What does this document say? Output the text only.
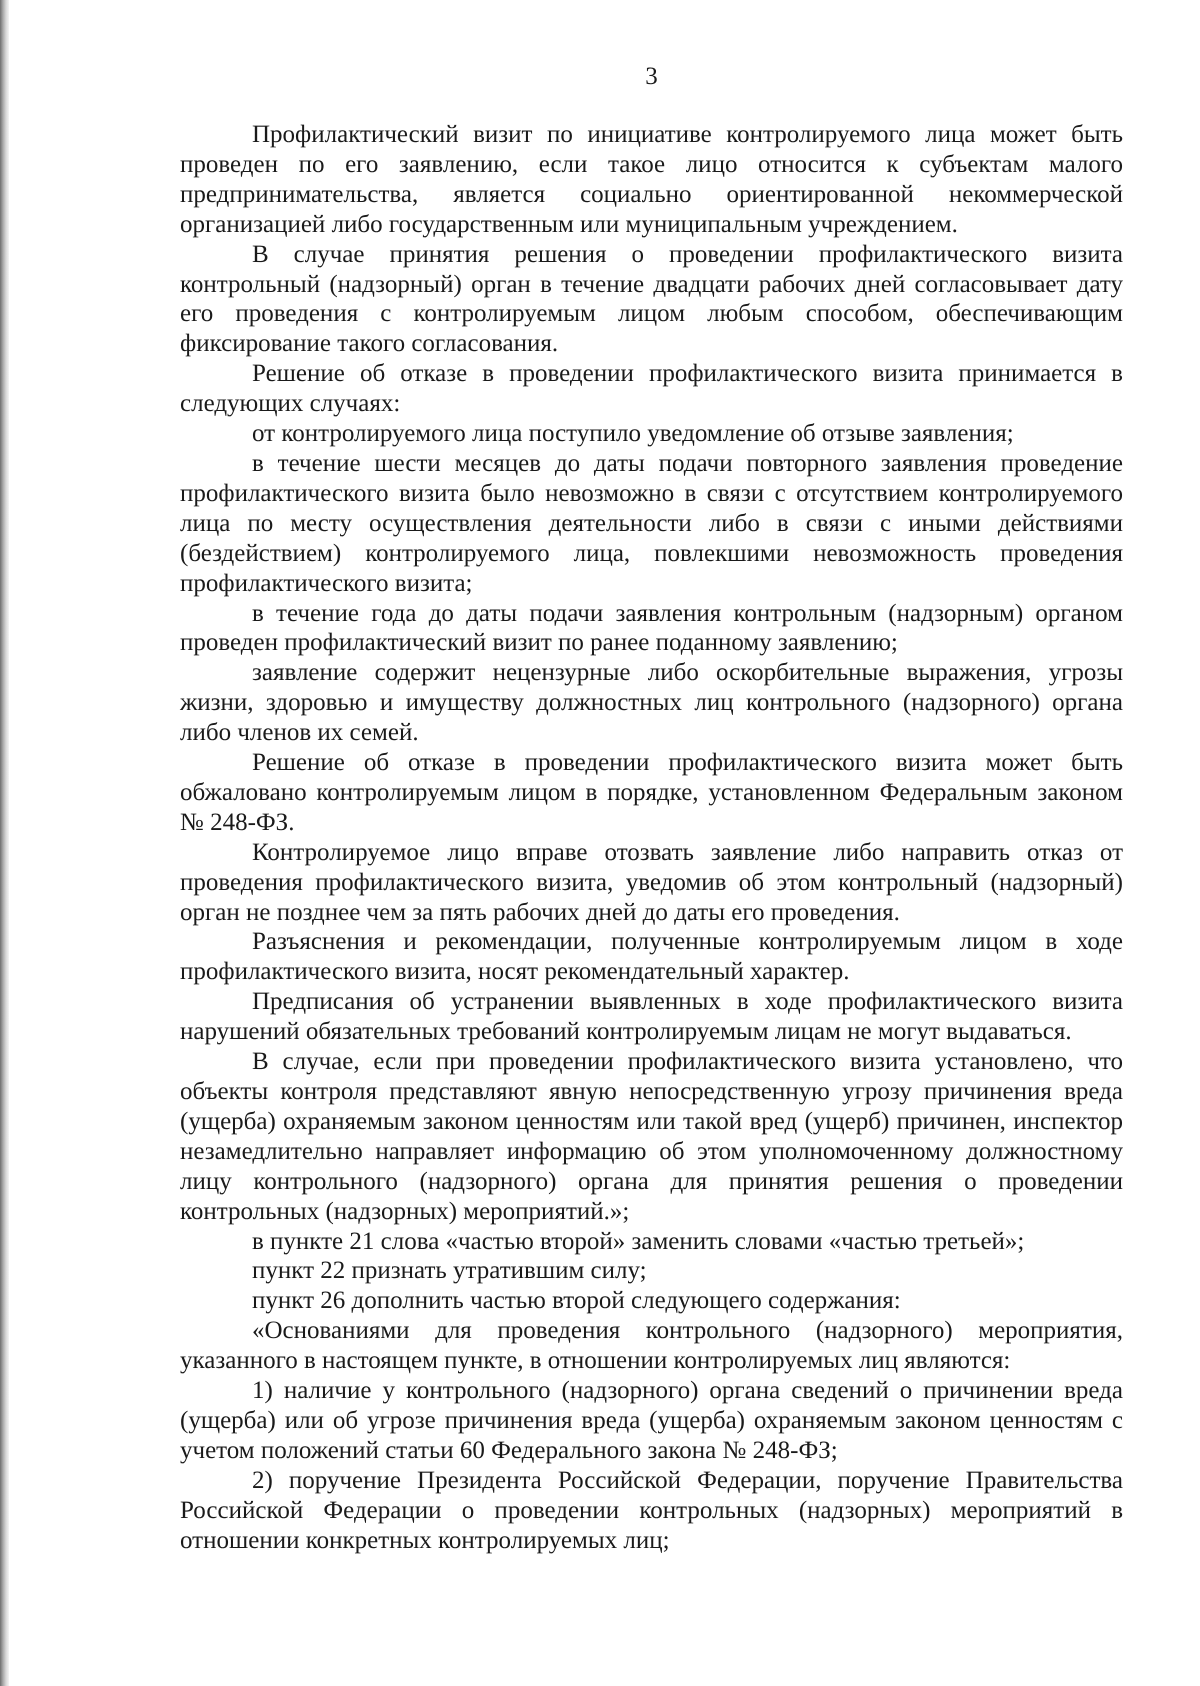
3

Профилактический визит по инициативе контролируемого лица может быть проведен по его заявлению, если такое лицо относится к субъектам малого предпринимательства, является социально ориентированной некоммерческой организацией либо государственным или муниципальным учреждением.

В случае принятия решения о проведении профилактического визита контрольный (надзорный) орган в течение двадцати рабочих дней согласовывает дату его проведения с контролируемым лицом любым способом, обеспечивающим фиксирование такого согласования.

Решение об отказе в проведении профилактического визита принимается в следующих случаях:

от контролируемого лица поступило уведомление об отзыве заявления;

в течение шести месяцев до даты подачи повторного заявления проведение профилактического визита было невозможно в связи с отсутствием контролируемого лица по месту осуществления деятельности либо в связи с иными действиями (бездействием) контролируемого лица, повлекшими невозможность проведения профилактического визита;

в течение года до даты подачи заявления контрольным (надзорным) органом проведен профилактический визит по ранее поданному заявлению;

заявление содержит нецензурные либо оскорбительные выражения, угрозы жизни, здоровью и имуществу должностных лиц контрольного (надзорного) органа либо членов их семей.

Решение об отказе в проведении профилактического визита может быть обжаловано контролируемым лицом в порядке, установленном Федеральным законом № 248-ФЗ.

Контролируемое лицо вправе отозвать заявление либо направить отказ от проведения профилактического визита, уведомив об этом контрольный (надзорный) орган не позднее чем за пять рабочих дней до даты его проведения.

Разъяснения и рекомендации, полученные контролируемым лицом в ходе профилактического визита, носят рекомендательный характер.

Предписания об устранении выявленных в ходе профилактического визита нарушений обязательных требований контролируемым лицам не могут выдаваться.

В случае, если при проведении профилактического визита установлено, что объекты контроля представляют явную непосредственную угрозу причинения вреда (ущерба) охраняемым законом ценностям или такой вред (ущерб) причинен, инспектор незамедлительно направляет информацию об этом уполномоченному должностному лицу контрольного (надзорного) органа для принятия решения о проведении контрольных (надзорных) мероприятий.»;

в пункте 21 слова «частью второй» заменить словами «частью третьей»;

пункт 22 признать утратившим силу;

пункт 26 дополнить частью второй следующего содержания:

«Основаниями для проведения контрольного (надзорного) мероприятия, указанного в настоящем пункте, в отношении контролируемых лиц являются:

1) наличие у контрольного (надзорного) органа сведений о причинении вреда (ущерба) или об угрозе причинения вреда (ущерба) охраняемым законом ценностям с учетом положений статьи 60 Федерального закона № 248-ФЗ;

2) поручение Президента Российской Федерации, поручение Правительства Российской Федерации о проведении контрольных (надзорных) мероприятий в отношении конкретных контролируемых лиц;
